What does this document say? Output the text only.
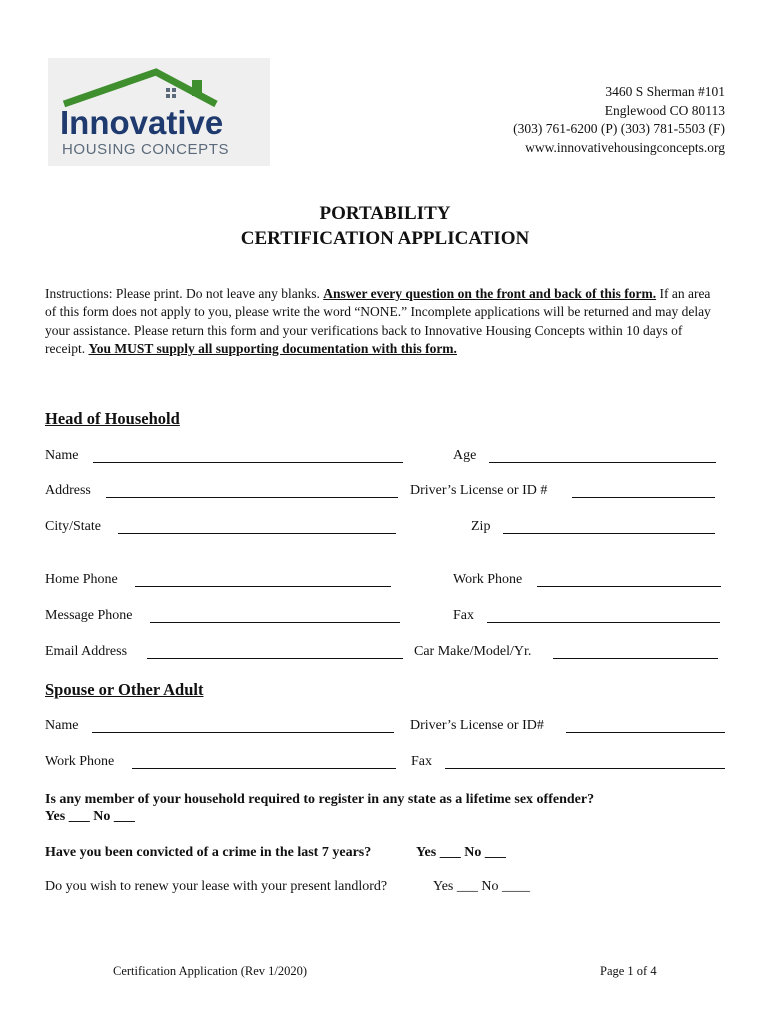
Innovative
HOUSING CONCEPTS
3460 S Sherman #101
Englewood CO 80113
(303) 761-6200 (P) (303) 781-5503 (F)
www.innovativehousingconcepts.org
PORTABILITY
CERTIFICATION APPLICATION
Instructions: Please print. Do not leave any blanks. Answer every question on the front and back of this form. If an area of this form does not apply to you, please write the word “NONE.” Incomplete applications will be returned and may delay your assistance. Please return this form and your verifications back to Innovative Housing Concepts within 10 days of receipt. You MUST supply all supporting documentation with this form.
Head of Household
Name	Age
Address	Driver’s License or ID #
City/State	Zip
Home Phone	Work Phone
Message Phone	Fax
Email Address	Car Make/Model/Yr.
Spouse or Other Adult
Name	Driver’s License or ID#
Work Phone	Fax
Is any member of your household required to register in any state as a lifetime sex offender?
Yes ___ No ___
Have you been convicted of a crime in the last 7 years?	Yes ___ No ___
Do you wish to renew your lease with your present landlord?	Yes ___ No ____
Certification Application (Rev 1/2020)	Page 1 of 4
